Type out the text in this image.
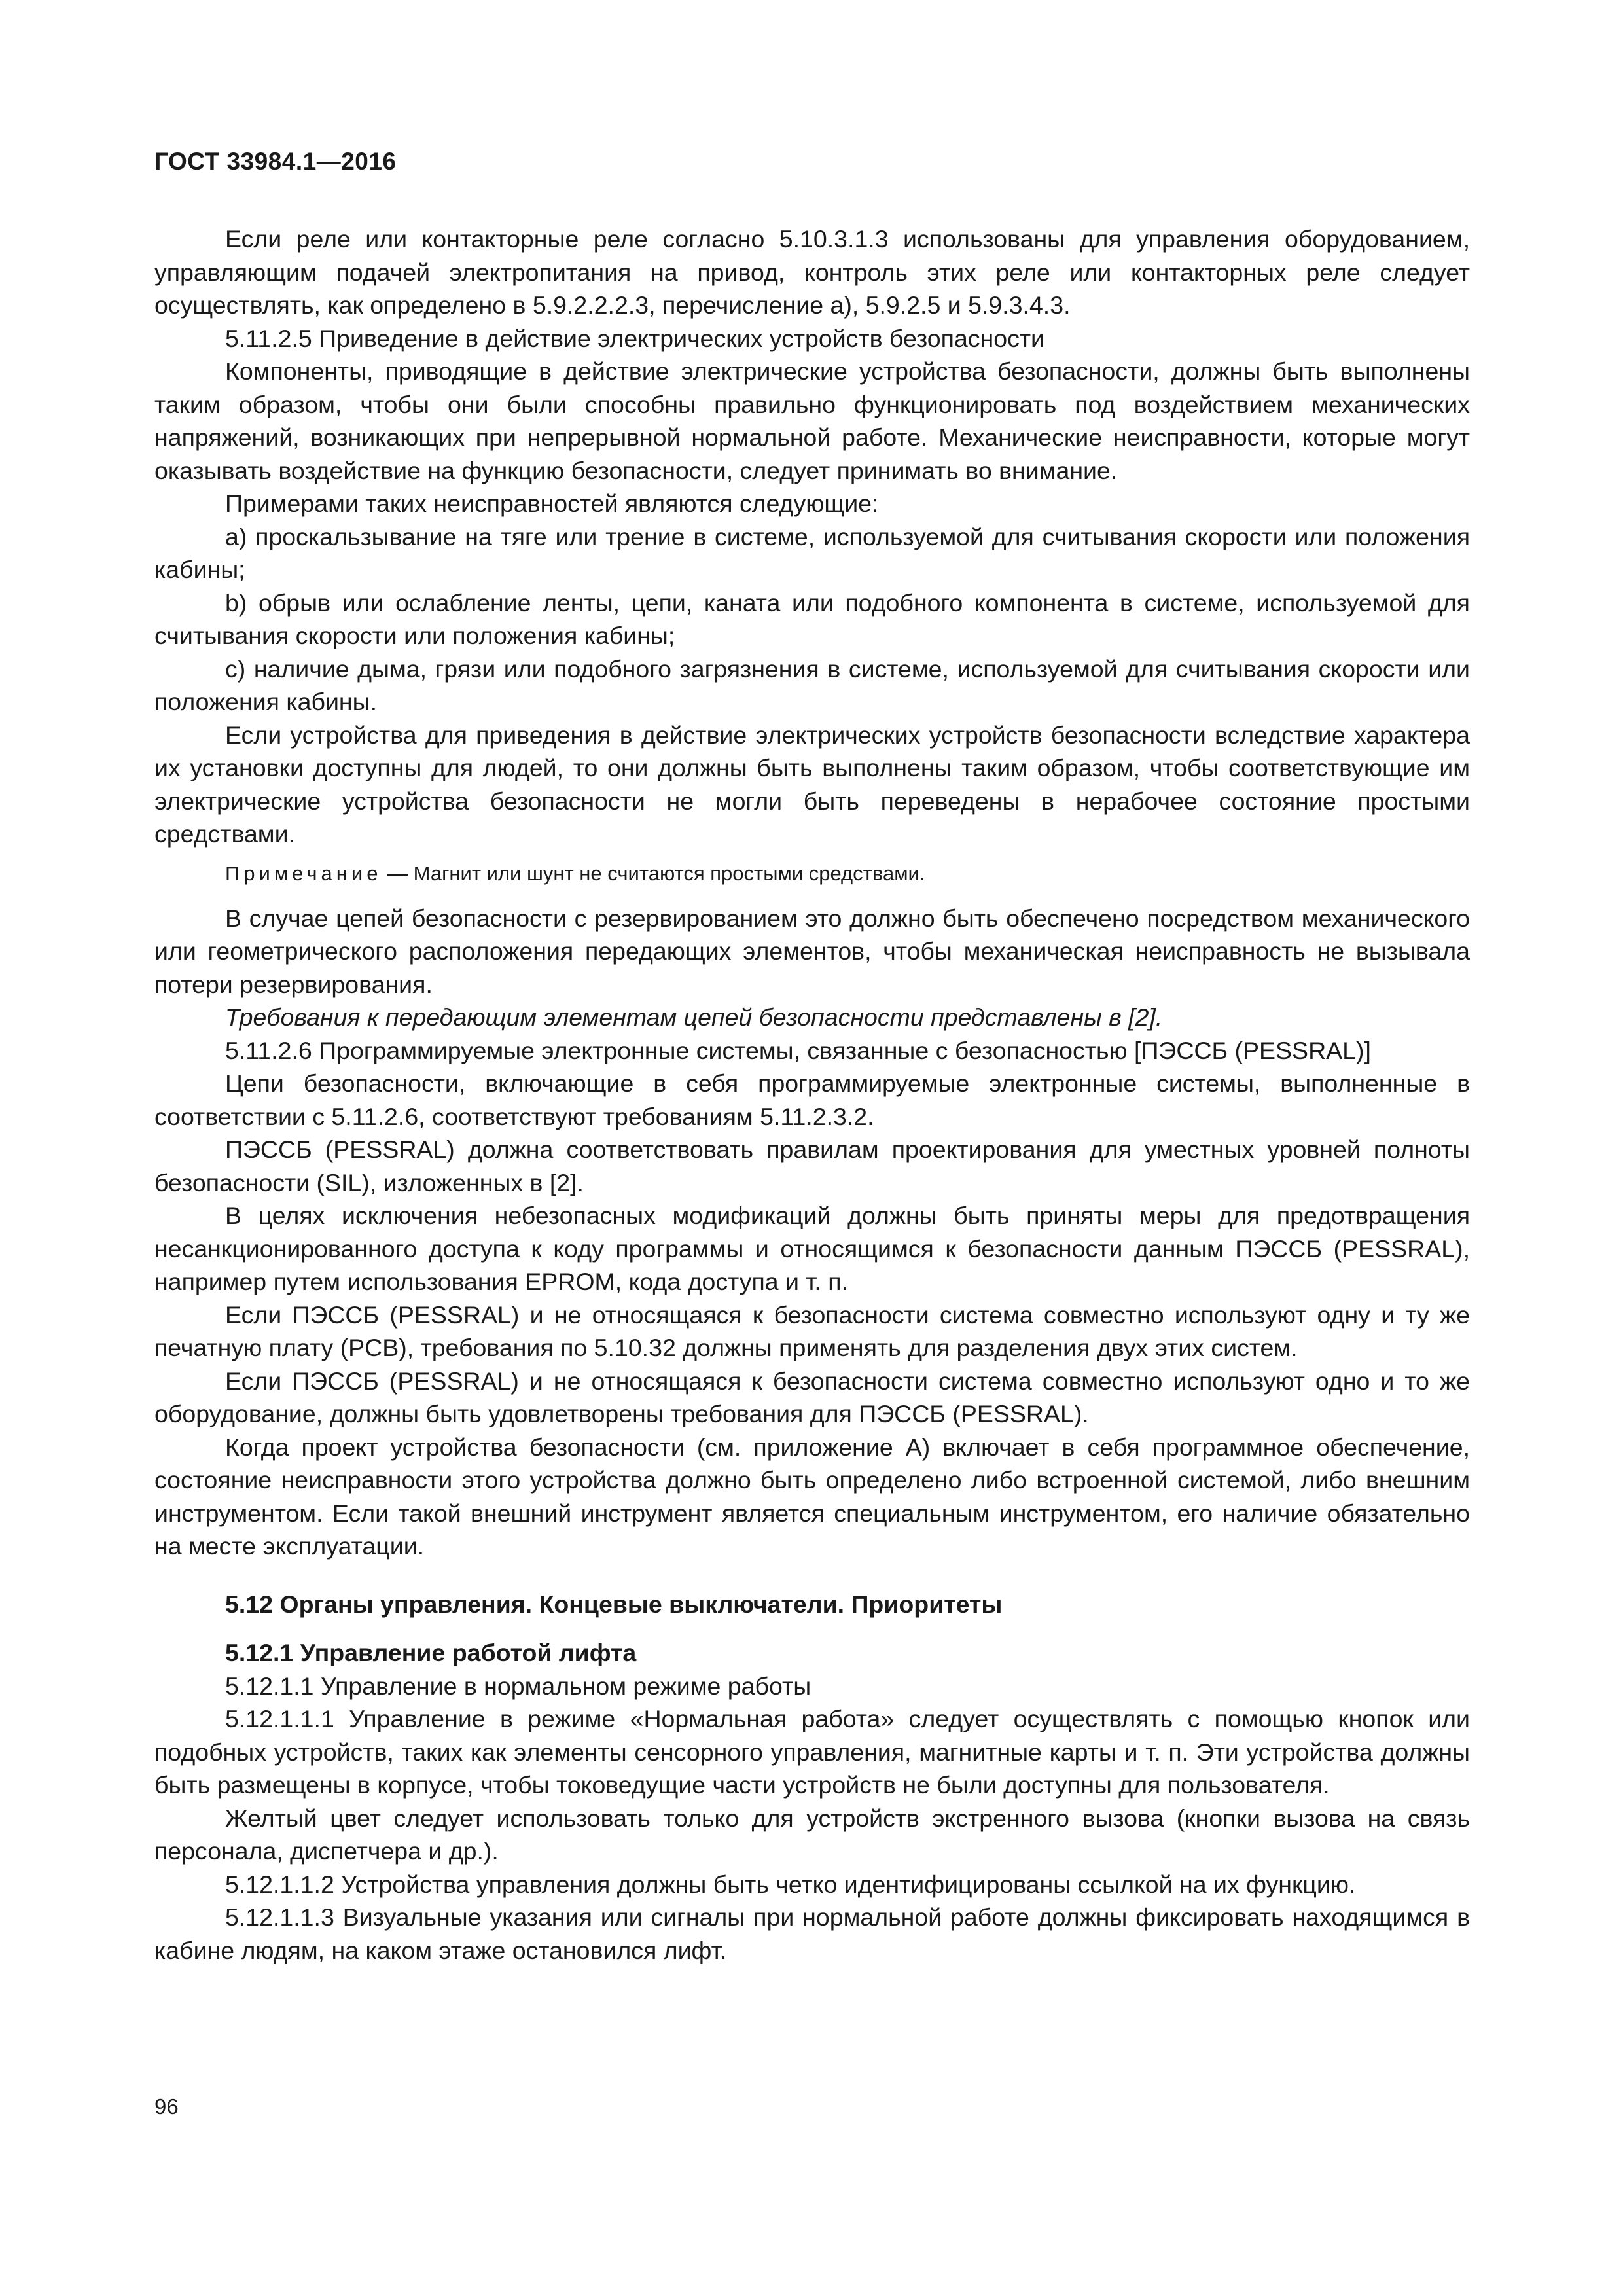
ГОСТ 33984.1—2016

Если реле или контакторные реле согласно 5.10.3.1.3 использованы для управления оборудованием, управляющим подачей электропитания на привод, контроль этих реле или контакторных реле следует осуществлять, как определено в 5.9.2.2.2.3, перечисление а), 5.9.2.5 и 5.9.3.4.3.

5.11.2.5 Приведение в действие электрических устройств безопасности

Компоненты, приводящие в действие электрические устройства безопасности, должны быть выполнены таким образом, чтобы они были способны правильно функционировать под воздействием механических напряжений, возникающих при непрерывной нормальной работе. Механические неисправности, которые могут оказывать воздействие на функцию безопасности, следует принимать во внимание.

Примерами таких неисправностей являются следующие:

a) проскальзывание на тяге или трение в системе, используемой для считывания скорости или положения кабины;

b) обрыв или ослабление ленты, цепи, каната или подобного компонента в системе, используемой для считывания скорости или положения кабины;

c) наличие дыма, грязи или подобного загрязнения в системе, используемой для считывания скорости или положения кабины.

Если устройства для приведения в действие электрических устройств безопасности вследствие характера их установки доступны для людей, то они должны быть выполнены таким образом, чтобы соответствующие им электрические устройства безопасности не могли быть переведены в нерабочее состояние простыми средствами.

Примечание — Магнит или шунт не считаются простыми средствами.

В случае цепей безопасности с резервированием это должно быть обеспечено посредством механического или геометрического расположения передающих элементов, чтобы механическая неисправность не вызывала потери резервирования.

Требования к передающим элементам цепей безопасности представлены в [2].

5.11.2.6 Программируемые электронные системы, связанные с безопасностью [ПЭССБ (PESSRAL)]

Цепи безопасности, включающие в себя программируемые электронные системы, выполненные в соответствии с 5.11.2.6, соответствуют требованиям 5.11.2.3.2.

ПЭССБ (PESSRAL) должна соответствовать правилам проектирования для уместных уровней полноты безопасности (SIL), изложенных в [2].

В целях исключения небезопасных модификаций должны быть приняты меры для предотвращения несанкционированного доступа к коду программы и относящимся к безопасности данным ПЭССБ (PESSRAL), например путем использования EPROM, кода доступа и т. п.

Если ПЭССБ (PESSRAL) и не относящаяся к безопасности система совместно используют одну и ту же печатную плату (PCB), требования по 5.10.32 должны применять для разделения двух этих систем.

Если ПЭССБ (PESSRAL) и не относящаяся к безопасности система совместно используют одно и то же оборудование, должны быть удовлетворены требования для ПЭССБ (PESSRAL).

Когда проект устройства безопасности (см. приложение А) включает в себя программное обеспечение, состояние неисправности этого устройства должно быть определено либо встроенной системой, либо внешним инструментом. Если такой внешний инструмент является специальным инструментом, его наличие обязательно на месте эксплуатации.

5.12 Органы управления. Концевые выключатели. Приоритеты

5.12.1 Управление работой лифта

5.12.1.1 Управление в нормальном режиме работы

5.12.1.1.1 Управление в режиме «Нормальная работа» следует осуществлять с помощью кнопок или подобных устройств, таких как элементы сенсорного управления, магнитные карты и т. п. Эти устройства должны быть размещены в корпусе, чтобы токоведущие части устройств не были доступны для пользователя.

Желтый цвет следует использовать только для устройств экстренного вызова (кнопки вызова на связь персонала, диспетчера и др.).

5.12.1.1.2 Устройства управления должны быть четко идентифицированы ссылкой на их функцию.

5.12.1.1.3 Визуальные указания или сигналы при нормальной работе должны фиксировать находящимся в кабине людям, на каком этаже остановился лифт.

96
